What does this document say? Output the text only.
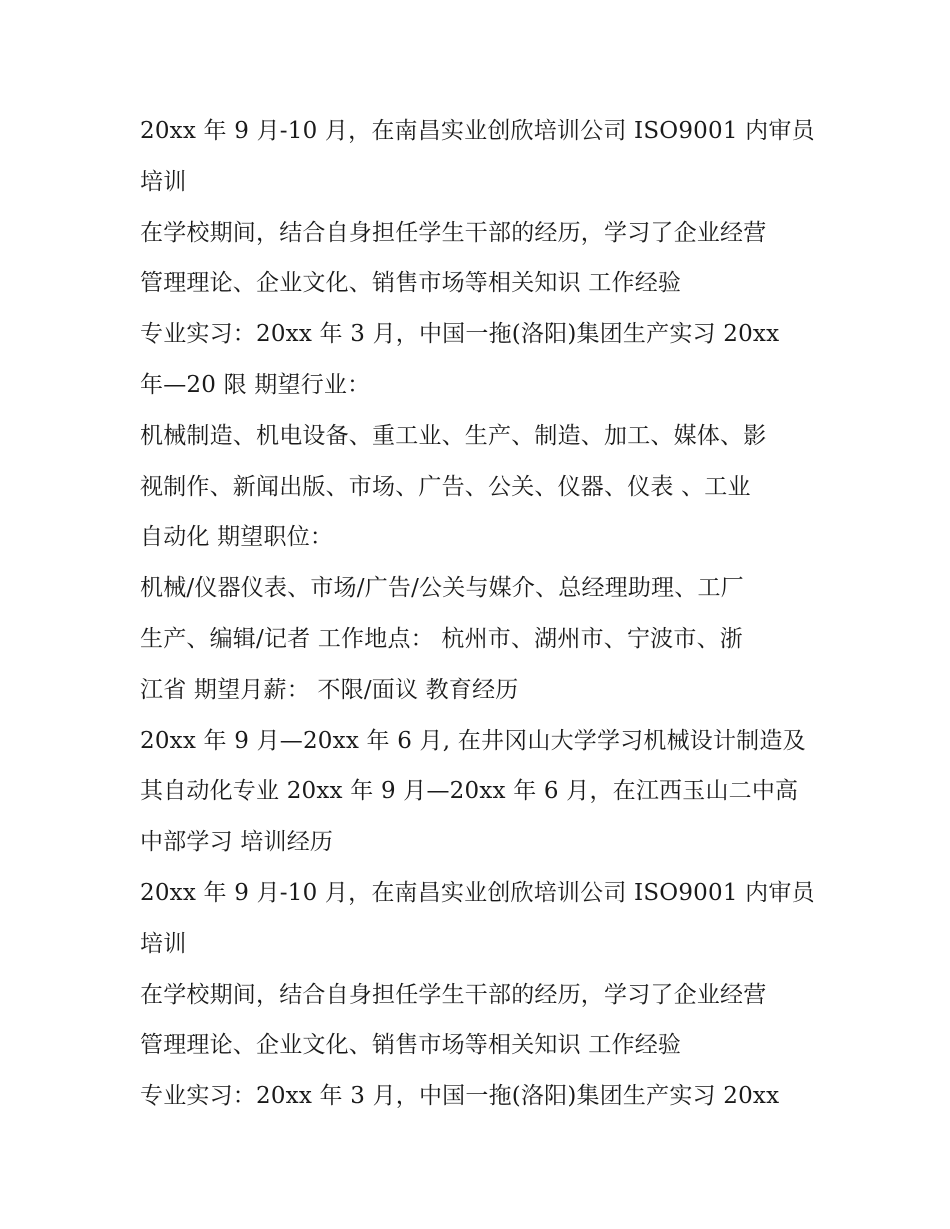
20xx 年 9 月-10 月，在南昌实业创欣培训公司 ISO9001 内审员
培训
在学校期间，结合自身担任学生干部的经历，学习了企业经营
管理理论、企业文化、销售市场等相关知识 工作经验
专业实习：20xx 年 3 月，中国一拖(洛阳)集团生产实习 20xx
年—20 限 期望行业：
机械制造、机电设备、重工业、生产、制造、加工、媒体、影
视制作、新闻出版、市场、广告、公关、仪器、仪表 、工业
自动化 期望职位：
机械/仪器仪表、市场/广告/公关与媒介、总经理助理、工厂
生产、编辑/记者 工作地点： 杭州市、湖州市、宁波市、浙
江省 期望月薪： 不限/面议 教育经历
20xx 年 9 月—20xx 年 6 月, 在井冈山大学学习机械设计制造及
其自动化专业 20xx 年 9 月—20xx 年 6 月，在江西玉山二中高
中部学习 培训经历
20xx 年 9 月-10 月，在南昌实业创欣培训公司 ISO9001 内审员
培训
在学校期间，结合自身担任学生干部的经历，学习了企业经营
管理理论、企业文化、销售市场等相关知识 工作经验
专业实习：20xx 年 3 月，中国一拖(洛阳)集团生产实习 20xx
